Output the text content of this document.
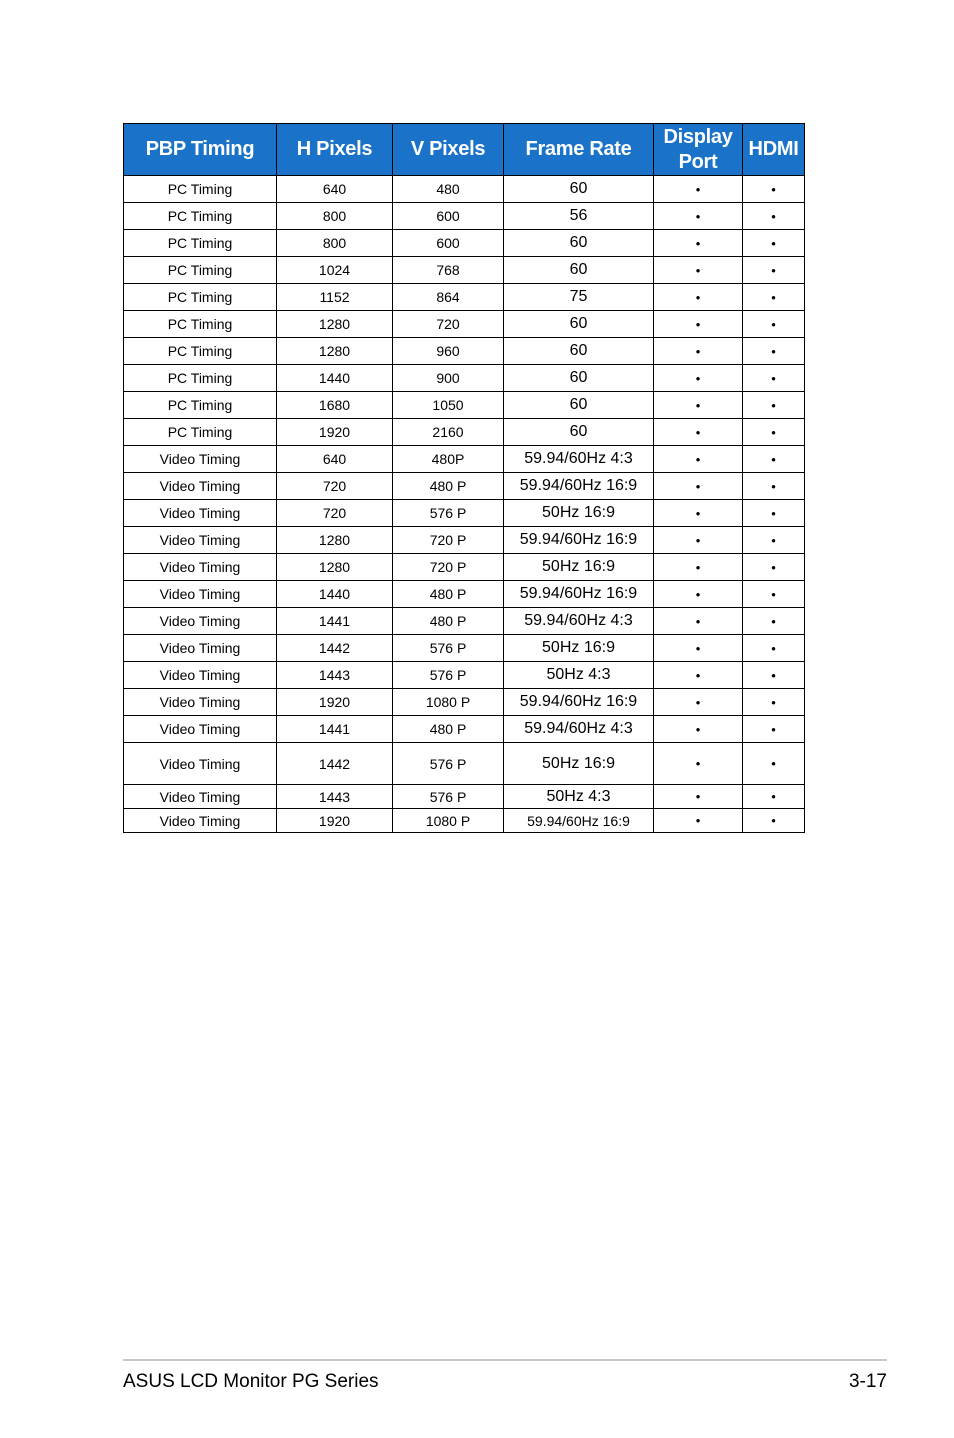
PBP Timing	H Pixels	V Pixels	Frame Rate	Display Port	HDMI
PC Timing	640	480	60	•	•
PC Timing	800	600	56	•	•
PC Timing	800	600	60	•	•
PC Timing	1024	768	60	•	•
PC Timing	1152	864	75	•	•
PC Timing	1280	720	60	•	•
PC Timing	1280	960	60	•	•
PC Timing	1440	900	60	•	•
PC Timing	1680	1050	60	•	•
PC Timing	1920	2160	60	•	•
Video Timing	640	480P	59.94/60Hz 4:3	•	•
Video Timing	720	480 P	59.94/60Hz 16:9	•	•
Video Timing	720	576 P	50Hz 16:9	•	•
Video Timing	1280	720 P	59.94/60Hz 16:9	•	•
Video Timing	1280	720 P	50Hz 16:9	•	•
Video Timing	1440	480 P	59.94/60Hz 16:9	•	•
Video Timing	1441	480 P	59.94/60Hz 4:3	•	•
Video Timing	1442	576 P	50Hz 16:9	•	•
Video Timing	1443	576 P	50Hz 4:3	•	•
Video Timing	1920	1080 P	59.94/60Hz 16:9	•	•
Video Timing	1441	480 P	59.94/60Hz 4:3	•	•
Video Timing	1442	576 P	50Hz 16:9	•	•
Video Timing	1443	576 P	50Hz 4:3	•	•
Video Timing	1920	1080 P	59.94/60Hz 16:9	•	•
ASUS LCD Monitor PG Series	3-17
